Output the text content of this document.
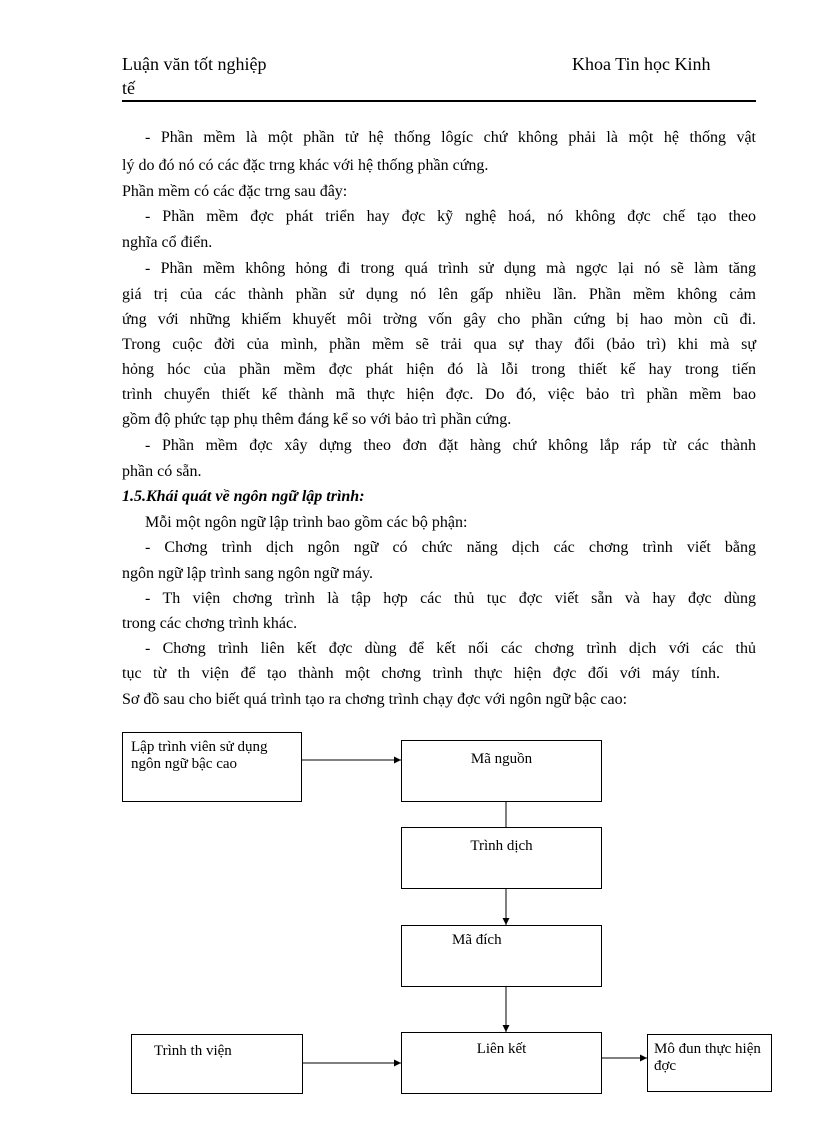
Luận văn tốt nghiệp
tế
Khoa Tin học Kinh
- Phần mềm là một phần tử hệ thống lôgíc chứ không phải là một hệ thống vật
lý do đó nó có các đặc trng khác với hệ thống phần cứng.
Phần mềm có các đặc trng sau đây:
- Phần mềm đợc phát triển hay đợc kỹ nghệ hoá, nó không đợc chế tạo theo
nghĩa cổ điển.
- Phần mềm không hỏng đi trong quá trình sử dụng mà ngợc lại nó sẽ làm tăng
giá trị của các thành phần sử dụng nó lên gấp nhiều lần. Phần mềm không cảm
ứng với những khiếm khuyết môi trờng vốn gây cho phần cứng bị hao mòn cũ đi.
Trong cuộc đời của mình, phần mềm sẽ trải qua sự thay đổi (bảo trì) khi mà sự
hỏng hóc của phần mềm đợc phát hiện đó là lỗi trong thiết kế hay trong tiến
trình chuyển thiết kế thành mã thực hiện đợc. Do đó, việc bảo trì phần mềm bao
gồm độ phức tạp phụ thêm đáng kể so với bảo trì phần cứng.
- Phần mềm đợc xây dựng theo đơn đặt hàng chứ không lắp ráp từ các thành
phần có sẵn.
1.5.Khái quát về ngôn ngữ lập trình:
Mỗi một ngôn ngữ lập trình bao gồm các bộ phận:
- Chơng trình dịch ngôn ngữ có chức năng dịch các chơng trình viết bằng
ngôn ngữ lập trình sang ngôn ngữ máy.
- Th viện chơng trình là tập hợp các thủ tục đợc viết sẵn và hay đợc dùng
trong các chơng trình khác.
- Chơng trình liên kết đợc dùng để kết nối các chơng trình dịch với các thủ
tục từ th viện để tạo thành một chơng trình thực hiện đợc đối với máy tính.
Sơ đồ sau cho biết quá trình tạo ra chơng trình chạy đợc với ngôn ngữ bậc cao:
Lập trình viên sử dụng ngôn ngữ bậc cao	Mã nguồn
Trình dịch
Mã đích
Trình th viện	Liên kết	Mô đun thực hiện đợc
